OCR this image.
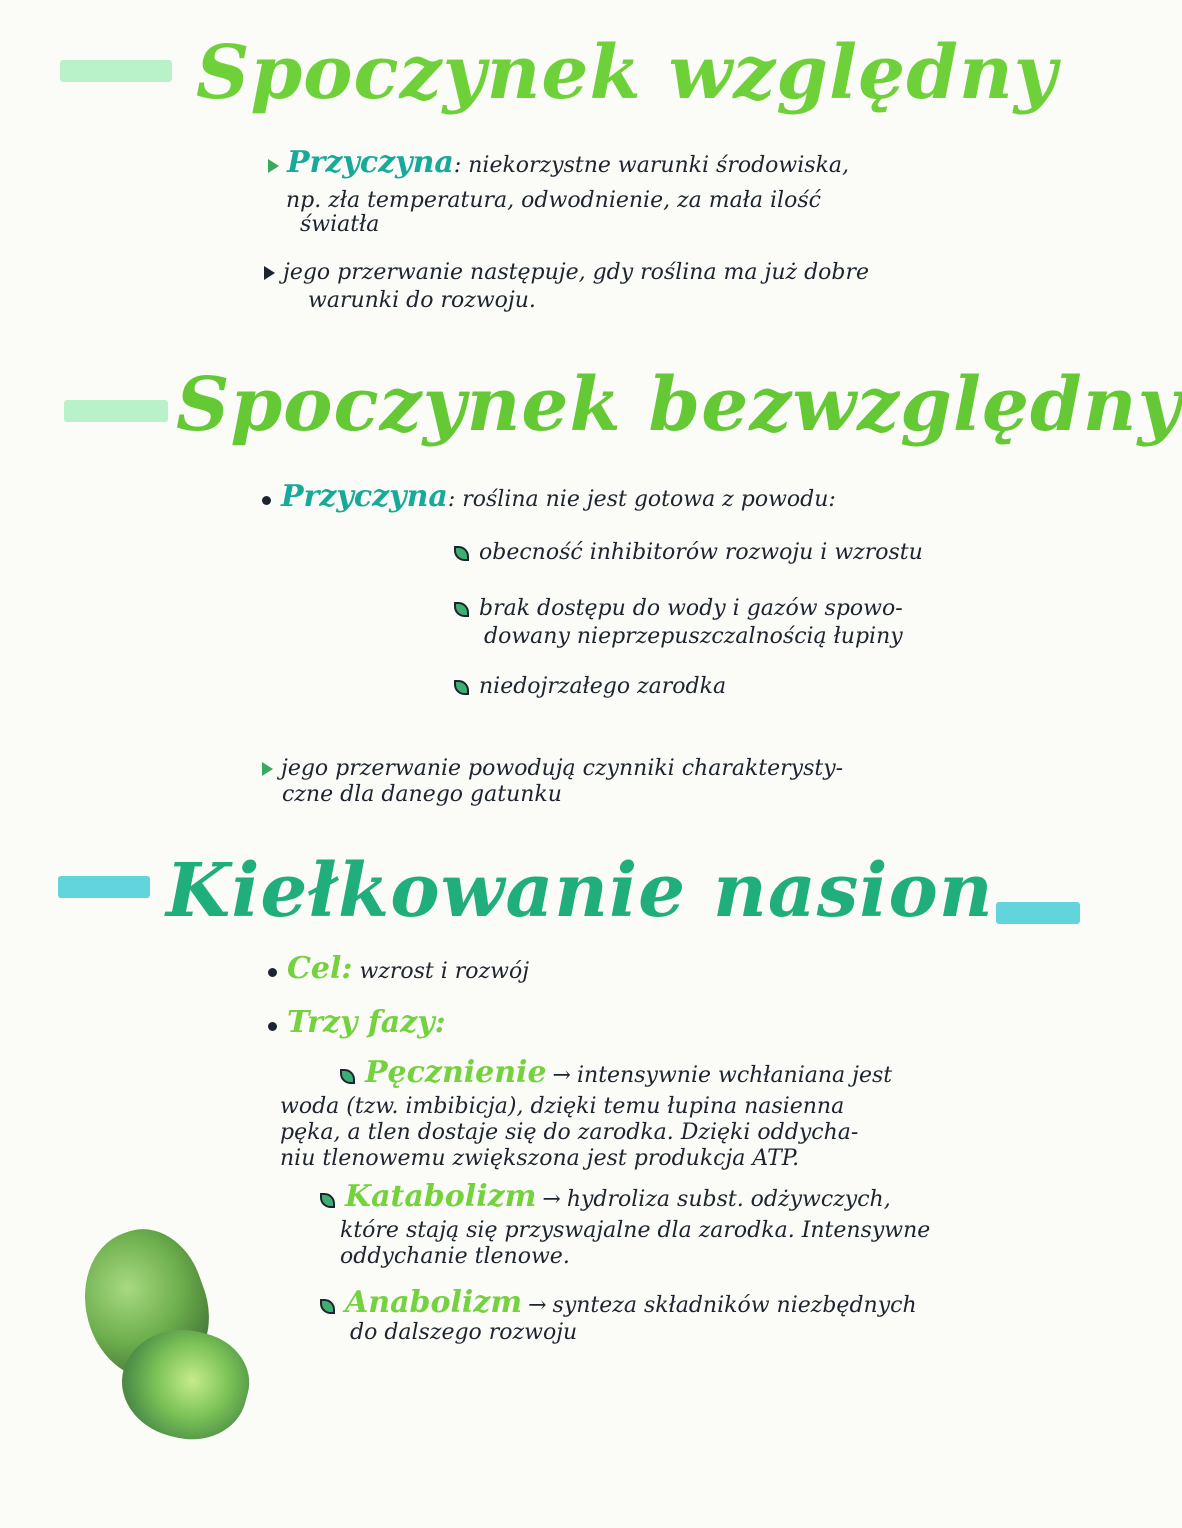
Spoczynek względny
Przyczyna: niekorzystne warunki środowiska,
np. zła temperatura, odwodnienie, za mała ilość
światła
jego przerwanie następuje, gdy roślina ma już dobre
warunki do rozwoju.
Spoczynek bezwzględny
Przyczyna: roślina nie jest gotowa z powodu:
obecność inhibitorów rozwoju i wzrostu
brak dostępu do wody i gazów spowo-
dowany nieprzepuszczalnością łupiny
niedojrzałego zarodka
jego przerwanie powodują czynniki charakterysty-
czne dla danego gatunku
Kiełkowanie nasion
Cel: wzrost i rozwój
Trzy fazy:
Pęcznienie → intensywnie wchłaniana jest
woda (tzw. imbibicja), dzięki temu łupina nasienna
pęka, a tlen dostaje się do zarodka. Dzięki oddycha-
niu tlenowemu zwiększona jest produkcja ATP.
Katabolizm → hydroliza subst. odżywczych,
które stają się przyswajalne dla zarodka. Intensywne
oddychanie tlenowe.
Anabolizm → synteza składników niezbędnych
do dalszego rozwoju
